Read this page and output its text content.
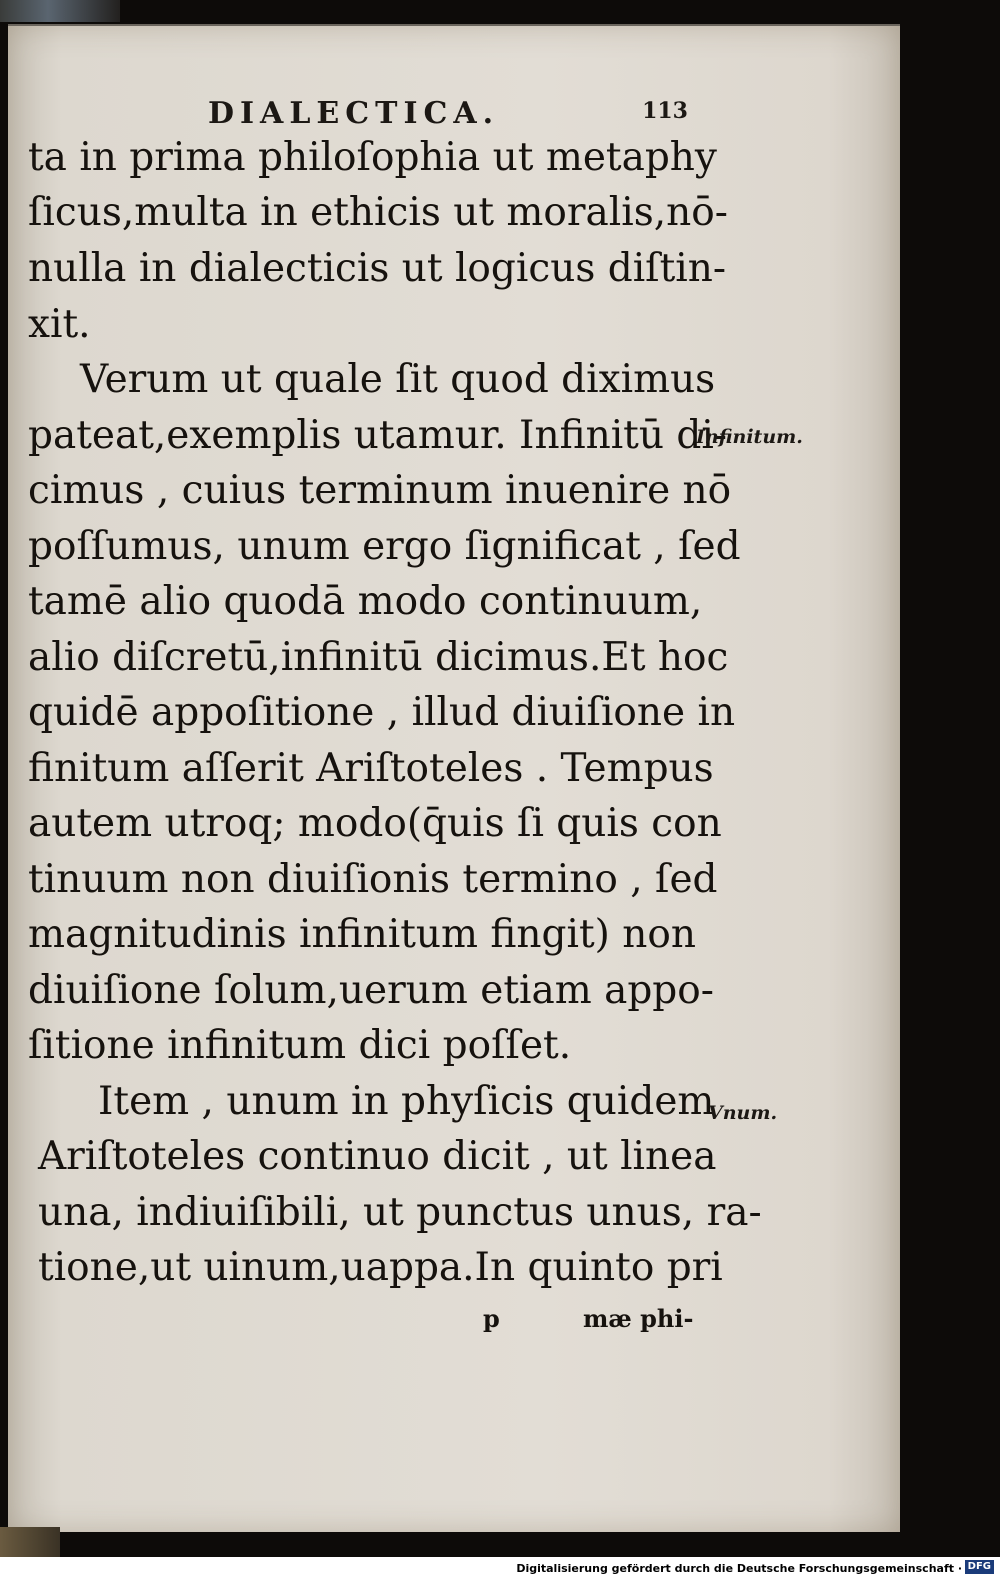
DIALECTICA.	113
ta in prima philoſophia ut metaphy
ſicus,multa in ethicis ut moralis,nō-
nulla in dialecticis ut logicus diſtin-
xit.
Verum ut quale ſit quod diximus
pateat,exemplis utamur. Infinitū di-
cimus , cuius terminum inuenire nō
poſſumus, unum ergo ſignificat , ſed
tamē alio quodā modo continuum,
alio diſcretū,infinitū dicimus.Et hoc
quidē appoſitione , illud diuiſione in
finitum aſſerit Ariſtoteles . Tempus
autem utroq; modo(q̄uis ſi quis con
tinuum non diuiſionis termino , ſed
magnitudinis infinitum fingit) non
diuiſione ſolum,uerum etiam appo-
ſitione infinitum dici poſſet.
Item , unum in phyſicis quidem
Ariſtoteles continuo dicit , ut linea
una, indiuiſibili, ut punctus unus, ra-
tione,ut uinum,uappa.In quinto pri
Infinitum.
Vnum.
p	mæ phi-
Digitalisierung gefördert durch die Deutsche Forschungsgemeinschaft · DFG
